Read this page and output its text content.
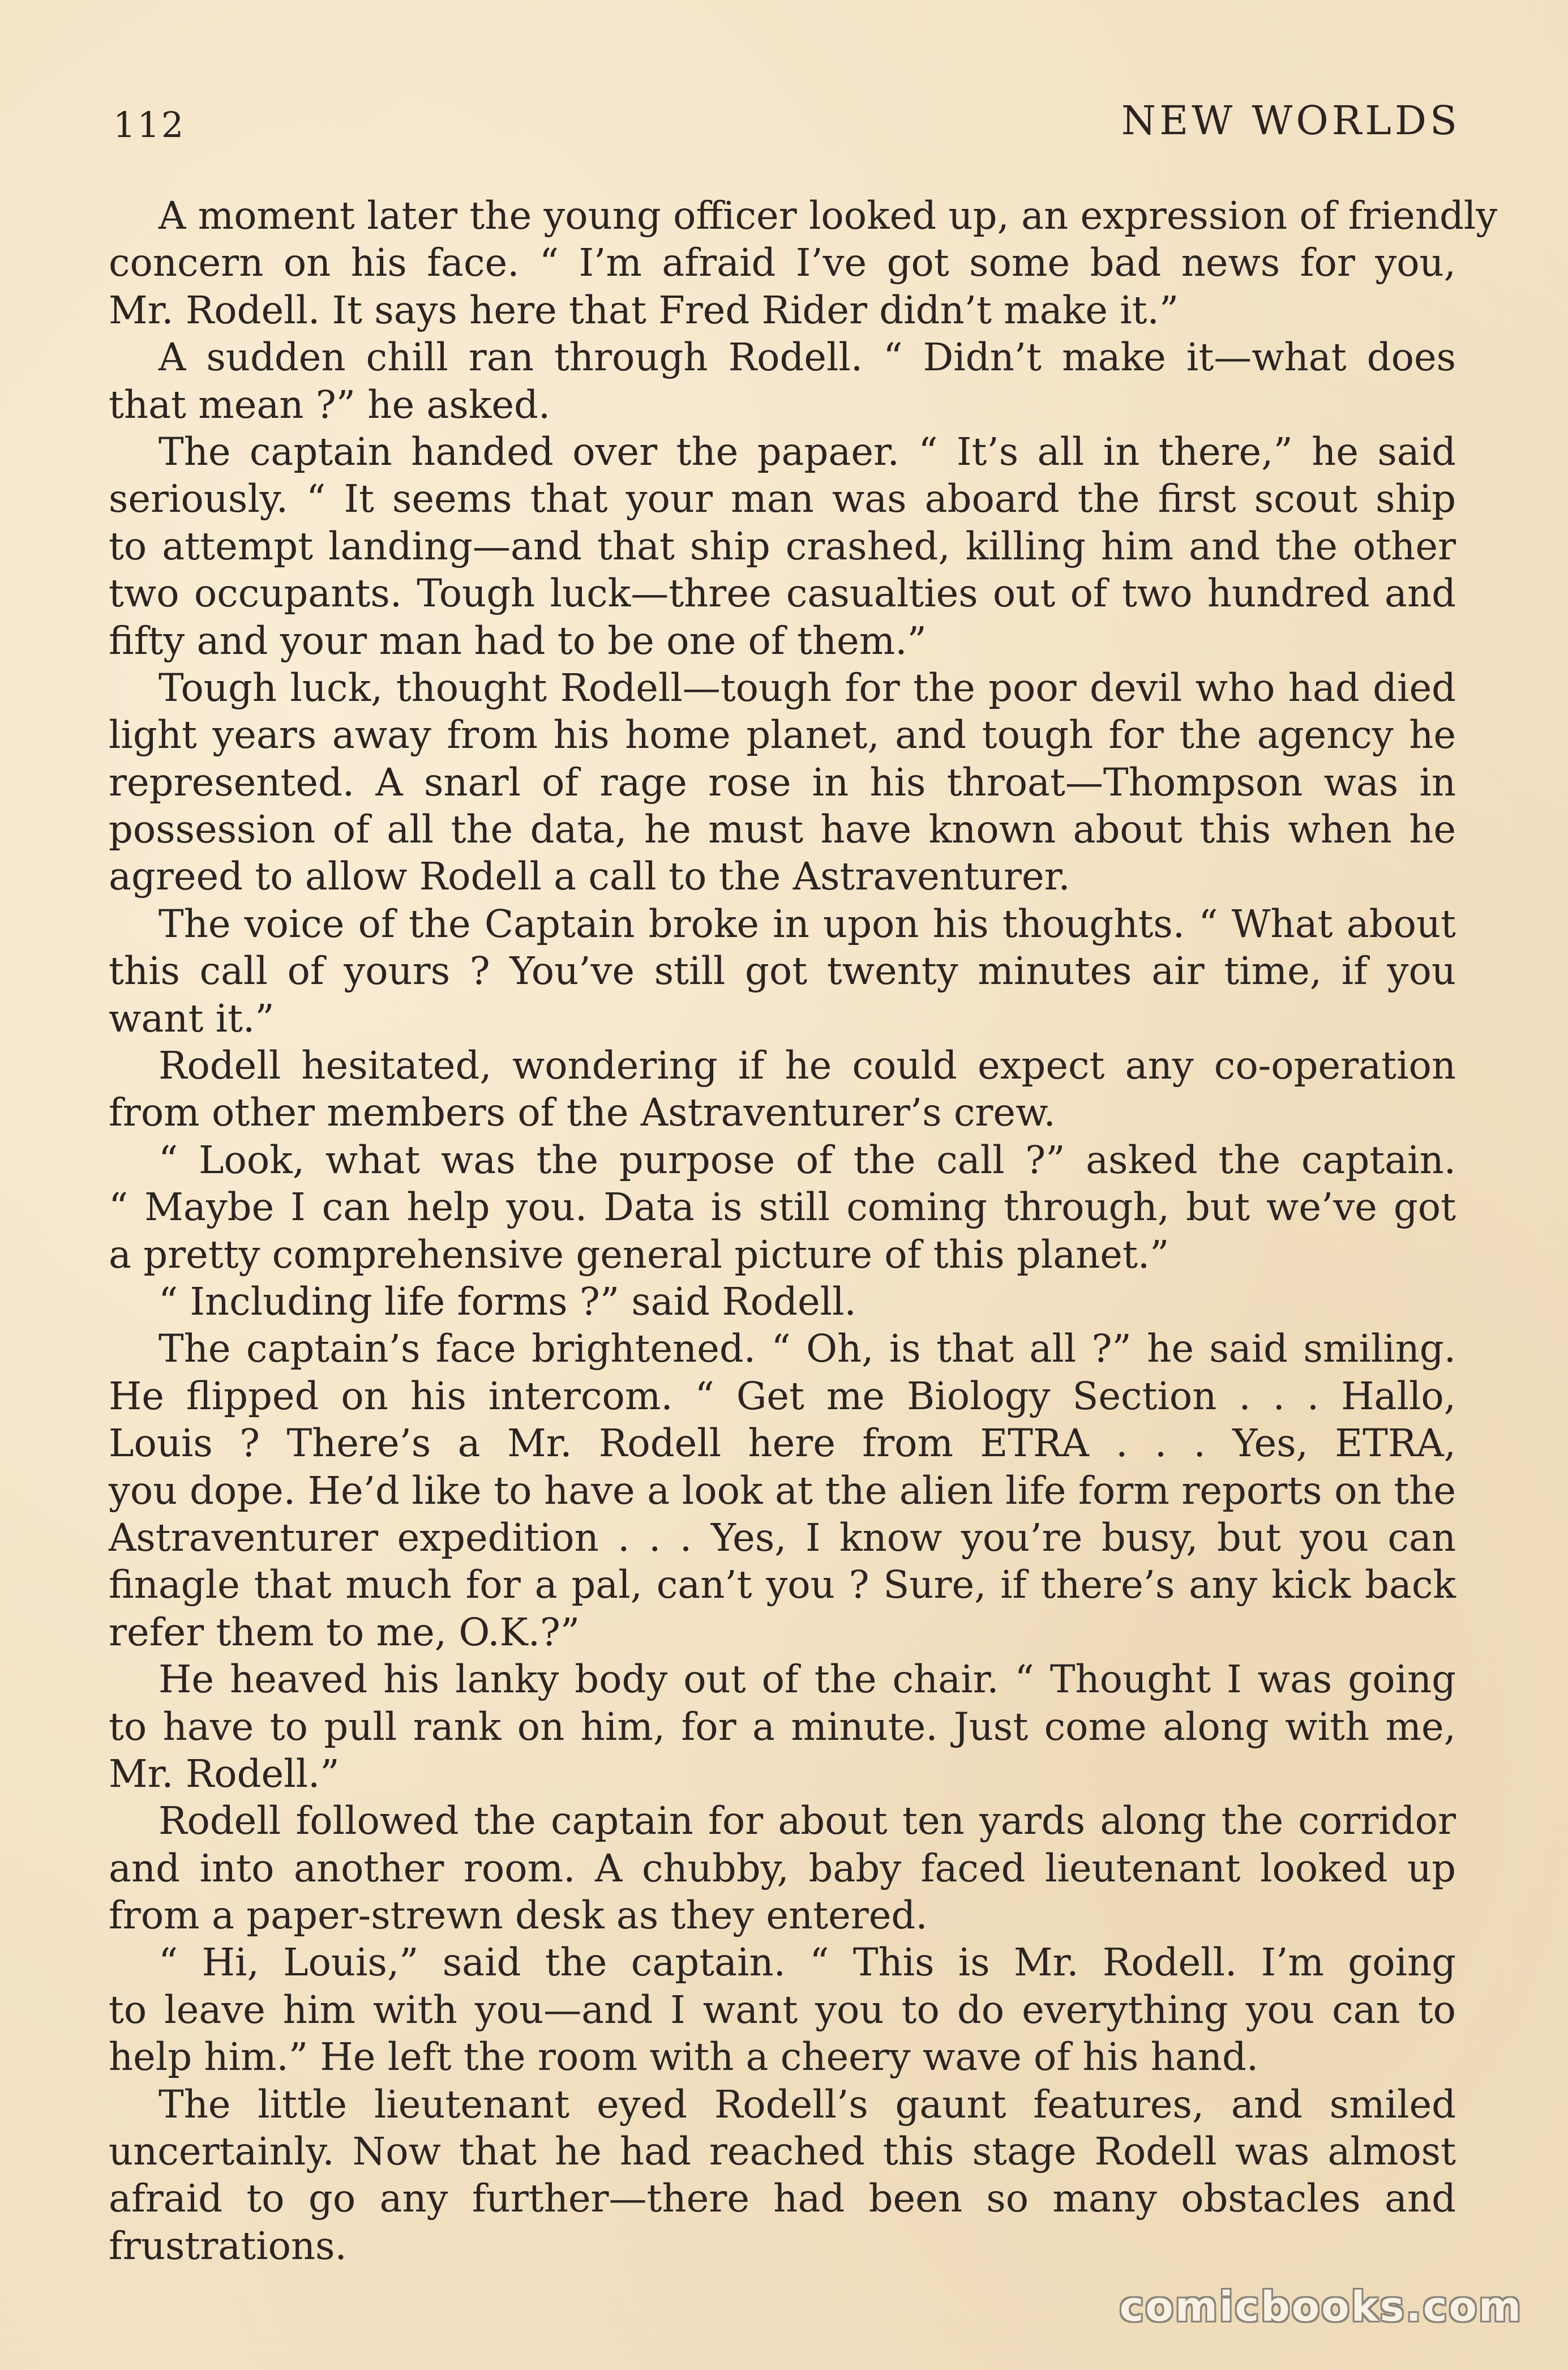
112	NEW WORLDS
A moment later the young officer looked up, an expression of friendly
concern on his face. “ I’m afraid I’ve got some bad news for you,
Mr. Rodell. It says here that Fred Rider didn’t make it.”
A sudden chill ran through Rodell. “ Didn’t make it—what does
that mean ?” he asked.
The captain handed over the papaer. “ It’s all in there,” he said
seriously. “ It seems that your man was aboard the first scout ship
to attempt landing—and that ship crashed, killing him and the other
two occupants. Tough luck—three casualties out of two hundred and
fifty and your man had to be one of them.”
Tough luck, thought Rodell—tough for the poor devil who had died
light years away from his home planet, and tough for the agency he
represented. A snarl of rage rose in his throat—Thompson was in
possession of all the data, he must have known about this when he
agreed to allow Rodell a call to the Astraventurer.
The voice of the Captain broke in upon his thoughts. “ What about
this call of yours ? You’ve still got twenty minutes air time, if you
want it.”
Rodell hesitated, wondering if he could expect any co-operation
from other members of the Astraventurer’s crew.
“ Look, what was the purpose of the call ?” asked the captain.
“ Maybe I can help you. Data is still coming through, but we’ve got
a pretty comprehensive general picture of this planet.”
“ Including life forms ?” said Rodell.
The captain’s face brightened. “ Oh, is that all ?” he said smiling.
He flipped on his intercom. “ Get me Biology Section . . . Hallo,
Louis ? There’s a Mr. Rodell here from ETRA . . . Yes, ETRA,
you dope. He’d like to have a look at the alien life form reports on the
Astraventurer expedition . . . Yes, I know you’re busy, but you can
finagle that much for a pal, can’t you ? Sure, if there’s any kick back
refer them to me, O.K.?”
He heaved his lanky body out of the chair. “ Thought I was going
to have to pull rank on him, for a minute. Just come along with me,
Mr. Rodell.”
Rodell followed the captain for about ten yards along the corridor
and into another room. A chubby, baby faced lieutenant looked up
from a paper-strewn desk as they entered.
“ Hi, Louis,” said the captain. “ This is Mr. Rodell. I’m going
to leave him with you—and I want you to do everything you can to
help him.” He left the room with a cheery wave of his hand.
The little lieutenant eyed Rodell’s gaunt features, and smiled
uncertainly. Now that he had reached this stage Rodell was almost
afraid to go any further—there had been so many obstacles and
frustrations.
comicbooks.com
